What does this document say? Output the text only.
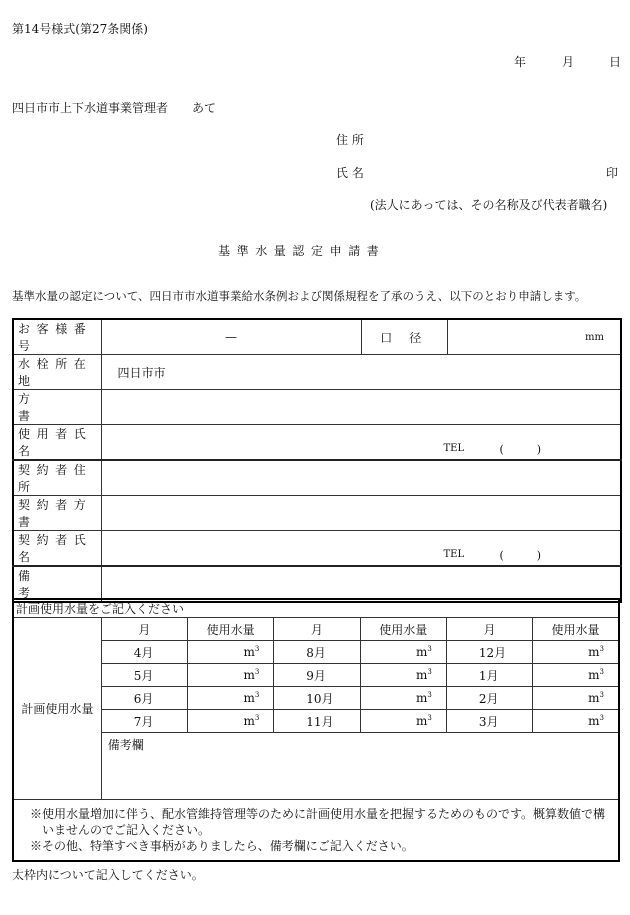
第14号様式(第27条関係)
年	月	日
四日市市上下水道事業管理者　　あて
住 所
氏 名	印
(法人にあっては、その名称及び代表者職名)
基準水量認定申請書
基準水量の認定について、四日市市水道事業給水条例および関係規程を了承のうえ、以下のとおり申請します。
お客様番号	—	口 径	mm
水栓所在地	四日市市		
方書			
使用者氏名	TEL (　　　)		

契約者住所			
契約者方書			
契約者氏名	TEL (　　　)		

備考			
計画使用水量をご記入ください						
計画使用水量	月	使用水量	月	使用水量	月	使用水量
	4月	$m^3$	8月	$m^3$	12月	$m^3$
	5月	$m^3$	9月	$m^3$	1月	$m^3$
	6月	$m^3$	10月	$m^3$	2月	$m^3$
	7月	$m^3$	11月	$m^3$	3月	$m^3$
	備考欄					

※使用水量増加に伴う、配水管維持管理等のために計画使用水量を把握するためのものです。概算数値で構いませんのでご記入ください。
※その他、特筆すべき事柄がありましたら、備考欄にご記入ください。						
太枠内について記入してください。
